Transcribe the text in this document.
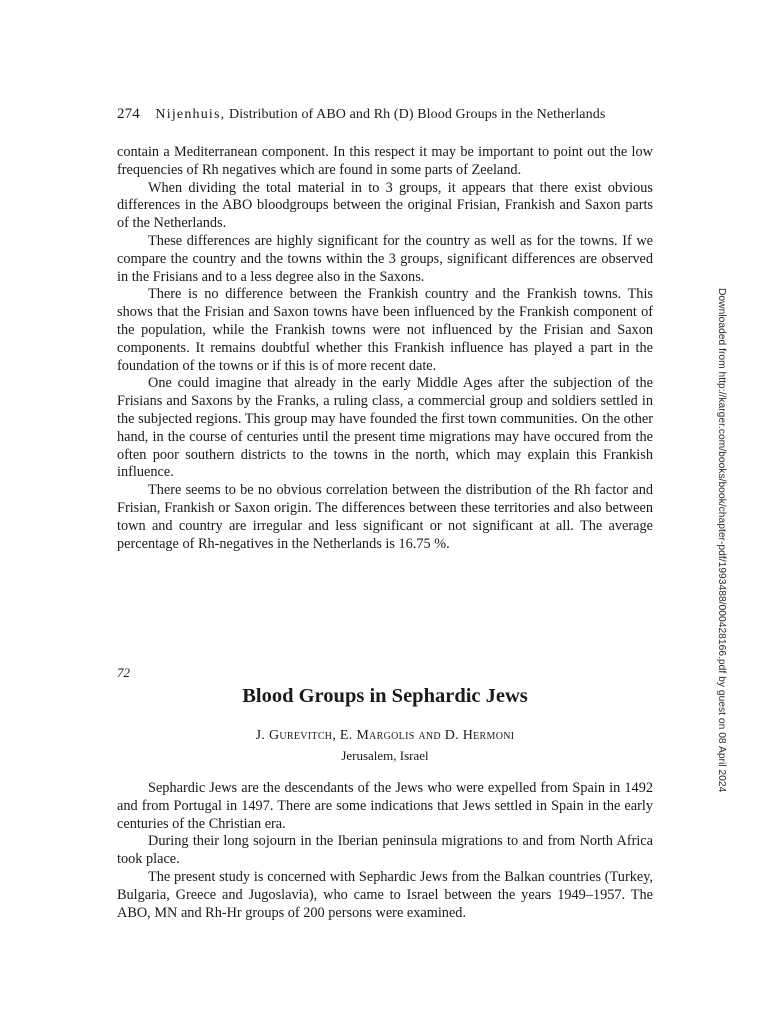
274 Nijenhuis, Distribution of ABO and Rh (D) Blood Groups in the Netherlands

contain a Mediterranean component. In this respect it may be important to point out the low frequencies of Rh negatives which are found in some parts of Zeeland.

When dividing the total material in to 3 groups, it appears that there exist obvious differences in the ABO bloodgroups between the original Frisian, Frankish and Saxon parts of the Netherlands.

These differences are highly significant for the country as well as for the towns. If we compare the country and the towns within the 3 groups, significant differences are observed in the Frisians and to a less degree also in the Saxons.

There is no difference between the Frankish country and the Frankish towns. This shows that the Frisian and Saxon towns have been influenced by the Frankish component of the population, while the Frankish towns were not influenced by the Frisian and Saxon components. It remains doubtful whether this Frankish influence has played a part in the foundation of the towns or if this is of more recent date.

One could imagine that already in the early Middle Ages after the subjection of the Frisians and Saxons by the Franks, a ruling class, a commercial group and soldiers settled in the subjected regions. This group may have founded the first town communities. On the other hand, in the course of centuries until the present time migrations may have occured from the often poor southern districts to the towns in the north, which may explain this Frankish influence.

There seems to be no obvious correlation between the distribution of the Rh factor and Frisian, Frankish or Saxon origin. The differences between these territories and also between town and country are irregular and less significant or not significant at all. The average percentage of Rh-negatives in the Netherlands is 16.75 %.

72
Blood Groups in Sephardic Jews
J. Gurevitch, E. Margolis and D. Hermoni
Jerusalem, Israel

Sephardic Jews are the descendants of the Jews who were expelled from Spain in 1492 and from Portugal in 1497. There are some indications that Jews settled in Spain in the early centuries of the Christian era.

During their long sojourn in the Iberian peninsula migrations to and from North Africa took place.

The present study is concerned with Sephardic Jews from the Balkan countries (Turkey, Bulgaria, Greece and Jugoslavia), who came to Israel between the years 1949–1957. The ABO, MN and Rh-Hr groups of 200 persons were examined.

Downloaded from http://karger.com/books/book/chapter-pdf/1993488/000428166.pdf by guest on 08 April 2024
